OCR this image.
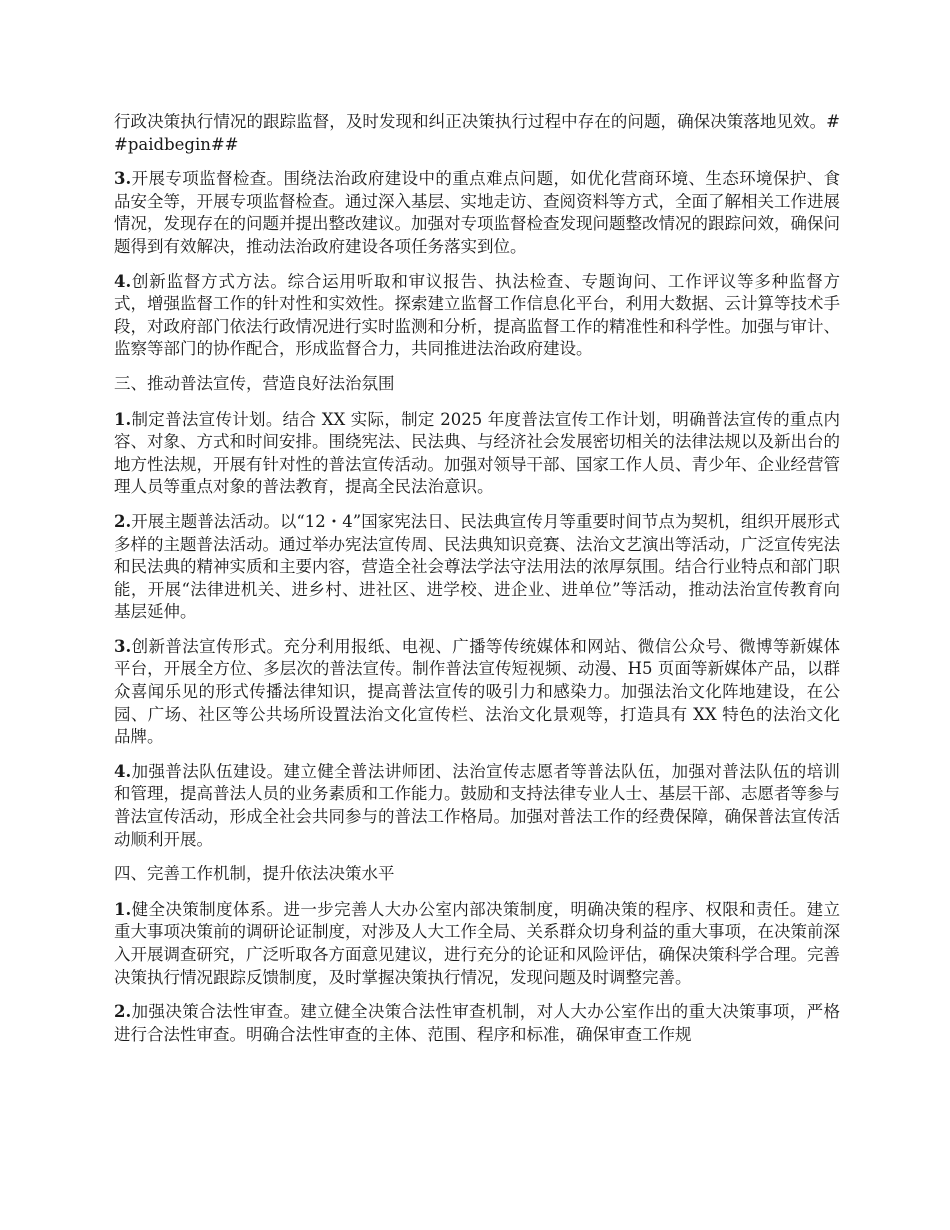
行政决策执行情况的跟踪监督，及时发现和纠正决策执行过程中存在的问题，确保决策落地见效。##paidbegin##

3.开展专项监督检查。围绕法治政府建设中的重点难点问题，如优化营商环境、生态环境保护、食品安全等，开展专项监督检查。通过深入基层、实地走访、查阅资料等方式，全面了解相关工作进展情况，发现存在的问题并提出整改建议。加强对专项监督检查发现问题整改情况的跟踪问效，确保问题得到有效解决，推动法治政府建设各项任务落实到位。

4.创新监督方式方法。综合运用听取和审议报告、执法检查、专题询问、工作评议等多种监督方式，增强监督工作的针对性和实效性。探索建立监督工作信息化平台，利用大数据、云计算等技术手段，对政府部门依法行政情况进行实时监测和分析，提高监督工作的精准性和科学性。加强与审计、监察等部门的协作配合，形成监督合力，共同推进法治政府建设。

三、推动普法宣传，营造良好法治氛围

1.制定普法宣传计划。结合 XX 实际，制定 2025 年度普法宣传工作计划，明确普法宣传的重点内容、对象、方式和时间安排。围绕宪法、民法典、与经济社会发展密切相关的法律法规以及新出台的地方性法规，开展有针对性的普法宣传活动。加强对领导干部、国家工作人员、青少年、企业经营管理人员等重点对象的普法教育，提高全民法治意识。

2.开展主题普法活动。以“12・4”国家宪法日、民法典宣传月等重要时间节点为契机，组织开展形式多样的主题普法活动。通过举办宪法宣传周、民法典知识竞赛、法治文艺演出等活动，广泛宣传宪法和民法典的精神实质和主要内容，营造全社会尊法学法守法用法的浓厚氛围。结合行业特点和部门职能，开展“法律进机关、进乡村、进社区、进学校、进企业、进单位”等活动，推动法治宣传教育向基层延伸。

3.创新普法宣传形式。充分利用报纸、电视、广播等传统媒体和网站、微信公众号、微博等新媒体平台，开展全方位、多层次的普法宣传。制作普法宣传短视频、动漫、H5 页面等新媒体产品，以群众喜闻乐见的形式传播法律知识，提高普法宣传的吸引力和感染力。加强法治文化阵地建设，在公园、广场、社区等公共场所设置法治文化宣传栏、法治文化景观等，打造具有 XX 特色的法治文化品牌。

4.加强普法队伍建设。建立健全普法讲师团、法治宣传志愿者等普法队伍，加强对普法队伍的培训和管理，提高普法人员的业务素质和工作能力。鼓励和支持法律专业人士、基层干部、志愿者等参与普法宣传活动，形成全社会共同参与的普法工作格局。加强对普法工作的经费保障，确保普法宣传活动顺利开展。

四、完善工作机制，提升依法决策水平

1.健全决策制度体系。进一步完善人大办公室内部决策制度，明确决策的程序、权限和责任。建立重大事项决策前的调研论证制度，对涉及人大工作全局、关系群众切身利益的重大事项，在决策前深入开展调查研究，广泛听取各方面意见建议，进行充分的论证和风险评估，确保决策科学合理。完善决策执行情况跟踪反馈制度，及时掌握决策执行情况，发现问题及时调整完善。

2.加强决策合法性审查。建立健全决策合法性审查机制，对人大办公室作出的重大决策事项，严格进行合法性审查。明确合法性审查的主体、范围、程序和标准，确保审查工作规
